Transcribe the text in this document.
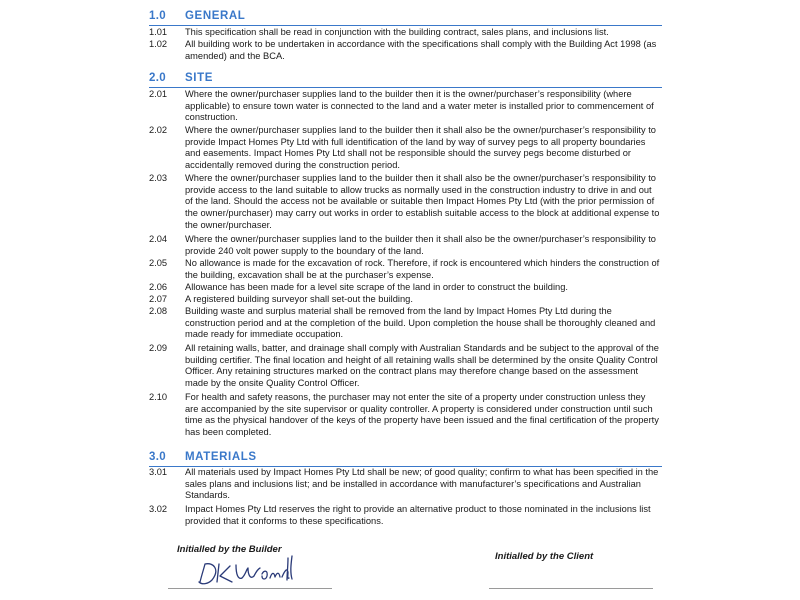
1.0 GENERAL
1.01	This specification shall be read in conjunction with the building contract, sales plans, and inclusions list.
1.02	All building work to be undertaken in accordance with the specifications shall comply with the Building Act 1998 (as amended) and the BCA.
2.0 SITE
2.01	Where the owner/purchaser supplies land to the builder then it is the owner/purchaser’s responsibility (where applicable) to ensure town water is connected to the land and a water meter is installed prior to commencement of construction.
2.02	Where the owner/purchaser supplies land to the builder then it shall also be the owner/purchaser’s responsibility to provide Impact Homes Pty Ltd with full identification of the land by way of survey pegs to all property boundaries and easements. Impact Homes Pty Ltd shall not be responsible should the survey pegs become disturbed or accidentally removed during the construction period.
2.03	Where the owner/purchaser supplies land to the builder then it shall also be the owner/purchaser’s responsibility to provide access to the land suitable to allow trucks as normally used in the construction industry to drive in and out of the land. Should the access not be available or suitable then Impact Homes Pty Ltd (with the prior permission of the owner/purchaser) may carry out works in order to establish suitable access to the block at additional expense to the owner/purchaser.
2.04	Where the owner/purchaser supplies land to the builder then it shall also be the owner/purchaser’s responsibility to provide 240 volt power supply to the boundary of the land.
2.05	No allowance is made for the excavation of rock. Therefore, if rock is encountered which hinders the construction of the building, excavation shall be at the purchaser’s expense.
2.06	Allowance has been made for a level site scrape of the land in order to construct the building.
2.07	A registered building surveyor shall set-out the building.
2.08	Building waste and surplus material shall be removed from the land by Impact Homes Pty Ltd during the construction period and at the completion of the build. Upon completion the house shall be thoroughly cleaned and made ready for immediate occupation.
2.09	All retaining walls, batter, and drainage shall comply with Australian Standards and be subject to the approval of the building certifier. The final location and height of all retaining walls shall be determined by the onsite Quality Control Officer. Any retaining structures marked on the contract plans may therefore change based on the assessment made by the onsite Quality Control Officer.
2.10	For health and safety reasons, the purchaser may not enter the site of a property under construction unless they are accompanied by the site supervisor or quality controller. A property is considered under construction until such time as the physical handover of the keys of the property have been issued and the final certification of the property has been completed.
3.0 MATERIALS
3.01	All materials used by Impact Homes Pty Ltd shall be new; of good quality; confirm to what has been specified in the sales plans and inclusions list; and be installed in accordance with manufacturer’s specifications and Australian Standards.
3.02	Impact Homes Pty Ltd reserves the right to provide an alternative product to those nominated in the inclusions list provided that it conforms to these specifications.
Initialled by the Builder
Initialled by the Client
